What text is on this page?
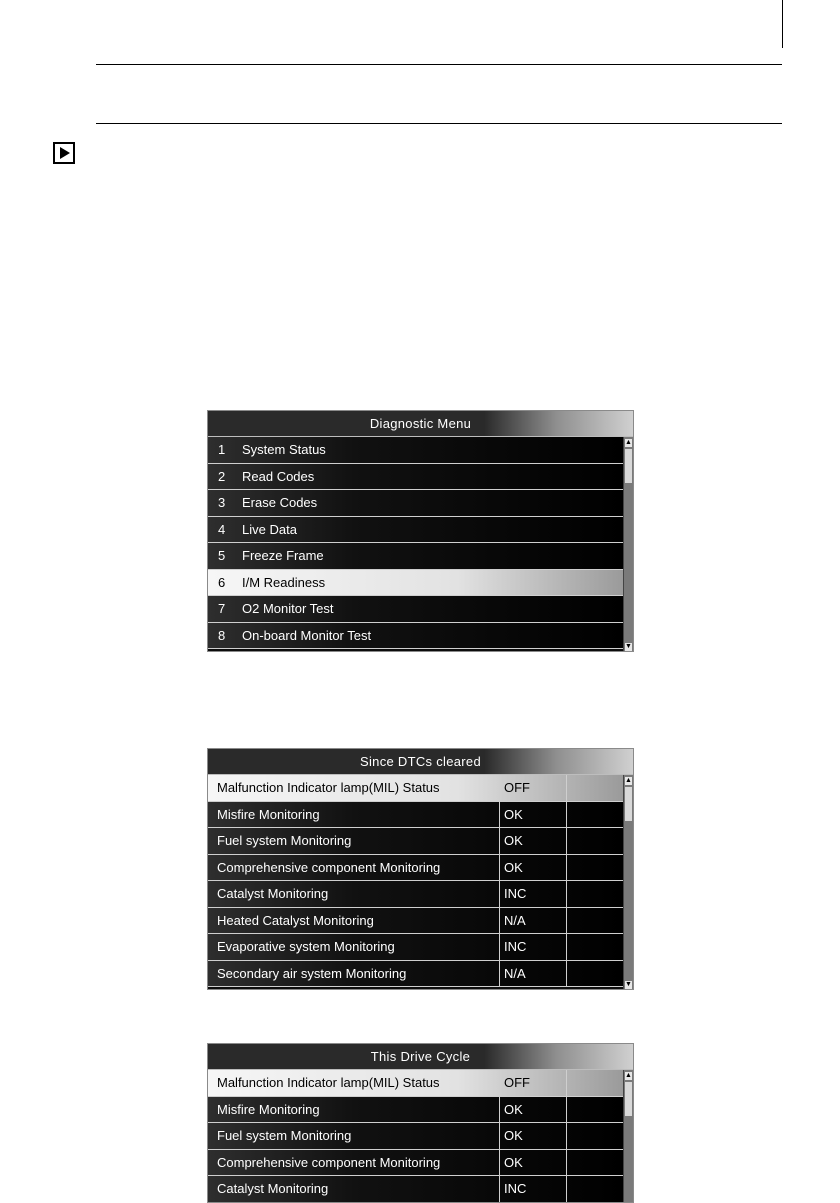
Diagnostic Menu
1 System Status
2 Read Codes
3 Erase Codes
4 Live Data
5 Freeze Frame
6 I/M Readiness
7 O2 Monitor Test
8 On-board Monitor Test
▲
▼
Since DTCs cleared
Malfunction Indicator lamp(MIL) Status	OFF
Misfire Monitoring	OK
Fuel system Monitoring	OK
Comprehensive component Monitoring	OK
Catalyst Monitoring	INC
Heated Catalyst Monitoring	N/A
Evaporative system Monitoring	INC
Secondary air system Monitoring	N/A
▲
▼
This Drive Cycle
Malfunction Indicator lamp(MIL) Status	OFF
Misfire Monitoring	OK
Fuel system Monitoring	OK
Comprehensive component Monitoring	OK
Catalyst Monitoring	INC
▲
